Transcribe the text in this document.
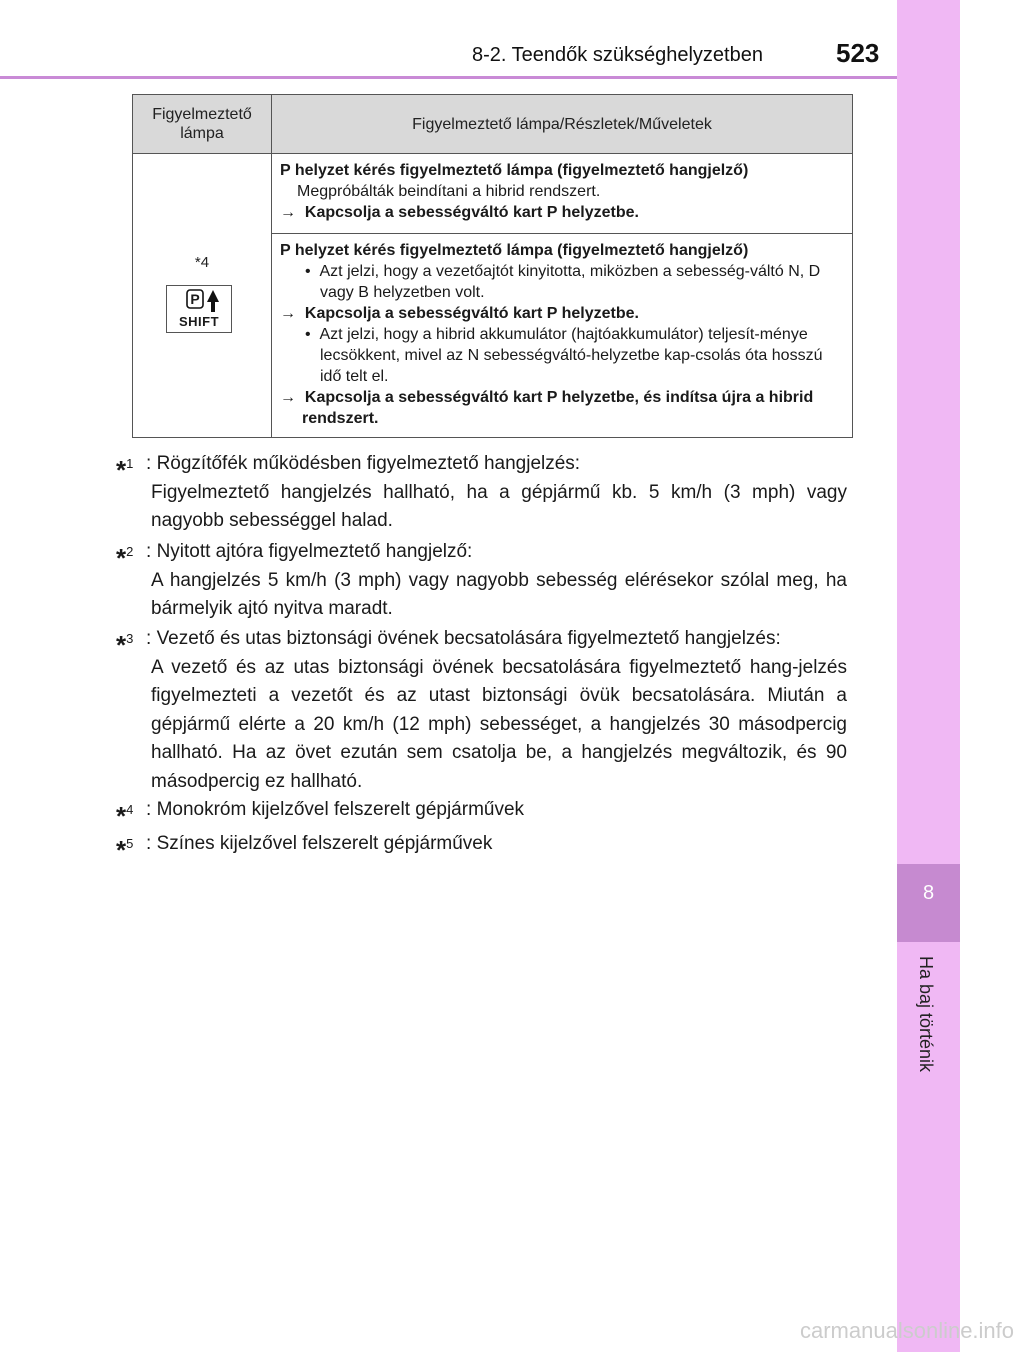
8-2. Teendők szükséghelyzetben	523
8
Ha baj történik
Figyelmeztető lámpa	Figyelmeztető lámpa/Részletek/Műveletek
*4

P
SHIFT	P helyzet kérés figyelmeztető lámpa (figyelmeztető hangjelző)
Megpróbálták beindítani a hibrid rendszert.
→ Kapcsolja a sebességváltó kart P helyzetbe.

	P helyzet kérés figyelmeztető lámpa (figyelmeztető hangjelző)
• Azt jelzi, hogy a vezetőajtót kinyitotta, miközben a sebesség-váltó N, D vagy B helyzetben volt.
→ Kapcsolja a sebességváltó kart P helyzetbe.
• Azt jelzi, hogy a hibrid akkumulátor (hajtóakkumulátor) teljesít-ménye lecsökkent, mivel az N sebességváltó-helyzetbe kap-csolás óta hosszú idő telt el.
→ Kapcsolja a sebességváltó kart P helyzetbe, és indítsa újra a hibrid rendszert.
*$^1$ : Rögzítőfék működésben figyelmeztető hangjelzés:
Figyelmeztető hangjelzés hallható, ha a gépjármű kb. 5 km/h (3 mph) vagy nagyobb sebességgel halad.
*$^2$ : Nyitott ajtóra figyelmeztető hangjelző:
A hangjelzés 5 km/h (3 mph) vagy nagyobb sebesség elérésekor szólal meg, ha bármelyik ajtó nyitva maradt.
*$^3$ : Vezető és utas biztonsági övének becsatolására figyelmeztető hangjelzés:
A vezető és az utas biztonsági övének becsatolására figyelmeztető hang-jelzés figyelmezteti a vezetőt és az utast biztonsági övük becsatolására. Miután a gépjármű elérte a 20 km/h (12 mph) sebességet, a hangjelzés 30 másodpercig hallható. Ha az övet ezután sem csatolja be, a hangjelzés megváltozik, és 90 másodpercig ez hallható.
*$^4$ : Monokróm kijelzővel felszerelt gépjárművek
*$^5$ : Színes kijelzővel felszerelt gépjárművek
carmanualsonline.info
